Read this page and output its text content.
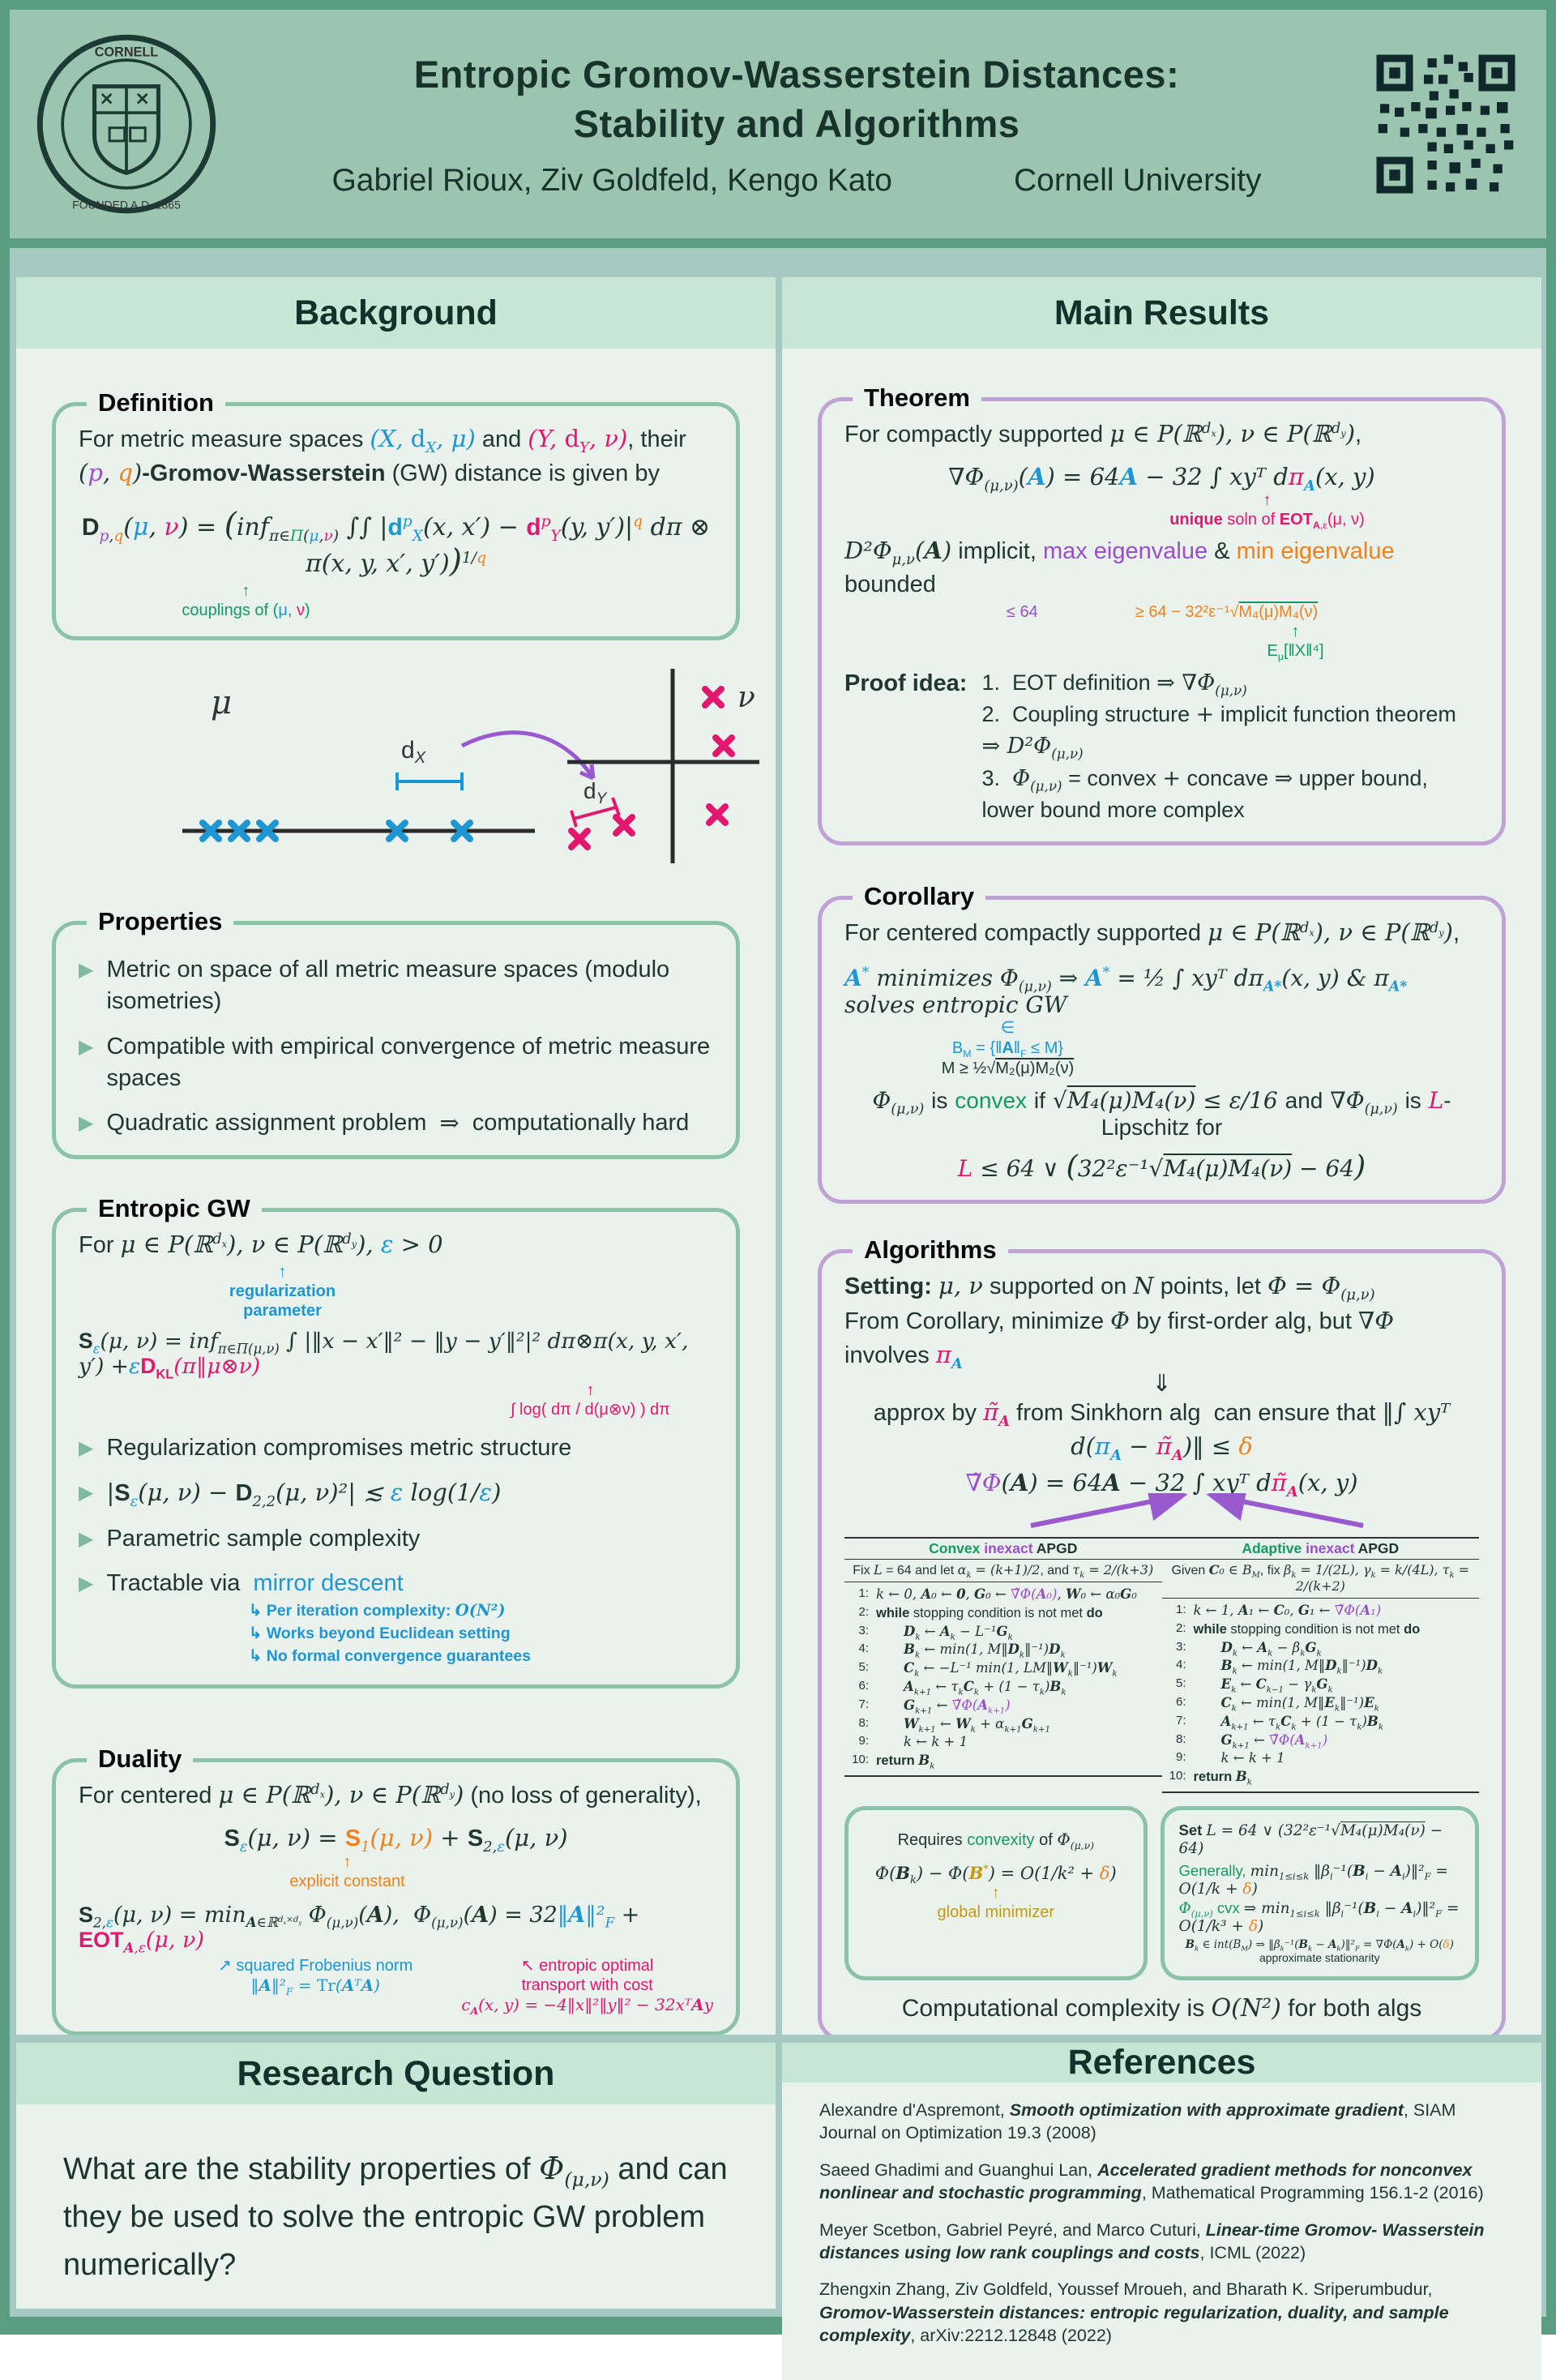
CORNELL
FOUNDED A.D. 1865
Entropic Gromov-Wasserstein Distances:
Stability and Algorithms
Gabriel Rioux, Ziv Goldfeld, Kengo Kato	Cornell University
Background
Definition
For metric measure spaces (X, $d_X$, μ) and (Y, $d_Y$, ν), their (p, q)-Gromov-Wasserstein (GW) distance is given by
$D_{p,q}(\mu$, ν) = (inf$_{\pi\in\Pi(\mu,\nu)}$ ∫∫ $|d^p_X(x$, $x') - d^p_Y(y$, $y')|^q$ dπ ⊗ π(x, y, x′, y′))$^{1/q}$
↑
couplings of (μ, ν)
μ
$d_X$
$d_Y$
ν
Properties
▶ Metric on space of all metric measure spaces (modulo isometries)
▶ Compatible with empirical convergence of metric measure spaces
▶ Quadratic assignment problem ⇒ computationally hard
Entropic GW
For μ ∈ P(ℝ$^{d_x}$), ν ∈ P(ℝ$^{d_y}$), ε > 0
↑
regularization
parameter
$S_\varepsilon(\mu$, ν) = inf$_{\pi\in\Pi(\mu,\nu)}$ ∫ |‖x − x′‖² − ‖y − y′‖²|² dπ⊗π(x, y, x′, $y') +\varepsilon D_{KL}(\pi‖\mu\otimes\nu)$
↑
∫ log( dπ / d(μ⊗ν) ) dπ
▶ Regularization compromises metric structure
▶ $|S_\varepsilon(\mu$, $\nu) - D_{2,2}(\mu$, ν)²| ≲ ε log(1/ε)
▶ Parametric sample complexity
▶ Tractable via mirror descent
↳ Per iteration complexity: O(N²)
↳ Works beyond Euclidean setting
↳ No formal convergence guarantees
Duality
For centered μ ∈ P(ℝ$^{d_x}$), ν ∈ P(ℝ$^{d_y}$) (no loss of generality),
$S_\varepsilon(\mu$, $\nu) = S_1(\mu$, $\nu) + S_{2,\varepsilon}(\mu$, ν)
↑
explicit constant
$S_{2,\varepsilon}(\mu$, $\nu) = \min_{A\in ℝ^{d_x\times d_y}} \Phi_{(\mu,\nu)}(A)$,  $\Phi_{(\mu,\nu)}(A)$ = $32‖A‖^2_F + EOT_{A,\varepsilon}(\mu$, ν)
↗ squared Frobenius norm
$‖A‖^2_F$ = Tr(AᵀA)
↖ entropic optimal
transport with cost
$c_A(x$, y) = −4‖x‖²‖y‖² − 32xᵀAy

Main Results
Theorem
For compactly supported μ ∈ P(ℝ$^{d_x}$), ν ∈ P(ℝ$^{d_y}$),
$\nabla\Phi_{(\mu,\nu)}(A) = 64A - 32$ ∫ xyᵀ $d\pi_A(x$, y)
↑
unique soln of $EOT_{A,\varepsilon}(\mu$, ν)
$D^2\Phi_{\mu,\nu}(A)$ implicit, max eigenvalue & min eigenvalue bounded
≤ 64	≥ 64 − 32²ε⁻¹√M₄(μ)M₄(ν)
↑
$E_\mu[‖X‖^4]$
Proof idea: 1.  EOT definition ⇒ $\nabla\Phi_{(\mu,\nu)}$
2.  Coupling structure + implicit function theorem ⇒ $D^2\Phi_{(\mu,\nu)}$
3.  $\Phi_{(\mu,\nu)}$ = convex + concave ⇒ upper bound, lower bound more complex
Corollary
For centered compactly supported μ ∈ P(ℝ$^{d_x}$), ν ∈ P(ℝ$^{d_y}$),
A* minimizes $\Phi_{(\mu,\nu)}$ ⇒ A* = ½ ∫ xyᵀ $d\pi_{A*}(x$, y) & $\pi_{A*}$ solves entropic GW
∈
$B_M$ = $\{‖A‖_F \le M\}$
M ≥ ½√M₂(μ)M₂(ν)
$\Phi_{(\mu,\nu)}$ is convex if √M₄(μ)M₄(ν) ≤ ε/16 and $\nabla\Phi_{(\mu,\nu)}$ is L-Lipschitz for
L ≤ 64 ∨ (32²ε⁻¹√M₄(μ)M₄(ν) − 64)
Algorithms
Setting: μ, ν supported on N points, let $\Phi = \Phi_{(\mu,\nu)}$
From Corollary, minimize Φ by first-order alg, but ∇Φ involves $\pi_A$
⇓
approx by $\pĩ_A$ from Sinkhorn alg  can ensure that ‖∫ xyᵀ $d(\pi_A$ − $\pĩ_A)‖ \le \delta$
∇̃Φ(A) = 64A − 32 ∫ xyᵀ $d\pĩ_A(x$, y)
Convex inexact APGD
Fix L = 64 and let $\alpha_k = (k+1)/2$, and $\tau_k = 2/(k+3)$
1: k ← 0, A₀ ← 0, G₀ ← ∇̃Φ(A₀), W₀ ← α₀G₀
2: while stopping condition is not met do
3:	$D_k$ ← $A_k - L^{-1}G_k$
4:	$B_k$ ← min(1, $M‖D_k‖^{-1})D_k$
5:	$C_k$ ← −L⁻¹ min(1, $LM‖W_k‖^{-1})W_k$
6:	$A_{k+1}$ ← $\tau_kC_k + (1 - \tau_k)B_k$
7:	$G_{k+1}$ ← $\nablã\Phi(A_{k+1})$
8:	$W_{k+1}$ ← $W_k + \alpha_{k+1}G_{k+1}$
9:	k ← k + 1
10: return $B_k$
Adaptive inexact APGD
Given C₀ ∈ $B_M$, fix $\beta_k = 1/(2L)$, $\gamma_k = k/(4L)$, $\tau_k = 2/(k+2)$
1: k ← 1, A₁ ← C₀, G₁ ← ∇̃Φ(A₁)
2: while stopping condition is not met do
3:	$D_k$ ← $A_k - \beta_kG_k$
4:	$B_k$ ← min(1, $M‖D_k‖^{-1})D_k$
5:	$E_k$ ← $C_{k-1} - \gamma_kG_k$
6:	$C_k$ ← min(1, $M‖E_k‖^{-1})E_k$
7:	$A_{k+1}$ ← $\tau_kC_k + (1 - \tau_k)B_k$
8:	$G_{k+1}$ ← $\nablã\Phi(A_{k+1})$
9:	k ← k + 1
10: return $B_k$
Requires convexity of $\Phi_{(\mu,\nu)}$
$\Phi(B_k) - \Phi(B^*) = O(1/k^2 + \delta)$
↑
global minimizer
Set L = 64 ∨ (32²ε⁻¹√M₄(μ)M₄(ν) − 64)
Generally, $\min_{1\le i\le k}$ $‖\beta_i^{-1}(B_i$ − $A_i)‖^2_F = O(1/k + \delta)$
$\Phi_{(\mu,\nu)}$ cvx ⇒ $\min_{1\le i\le k}$ $‖\beta_i^{-1}(B_i$ − $A_i)‖^2_F = O(1/k^3 + \delta)$
$B_k$ ∈ $int(B_M)$ ⇒ $‖\beta_k^{-1}(B_k$ − $A_k)‖^2_F = \nabla\Phi(A_k) + O(\delta)$
approximate stationarity
Computational complexity is O(N²) for both algs

Research Question
What are the stability properties of $\Phi_{(\mu,\nu)}$ and can they be used to solve the entropic GW problem numerically?
References
Alexandre d'Aspremont, Smooth optimization with approximate gradient, SIAM Journal on Optimization 19.3 (2008)
Saeed Ghadimi and Guanghui Lan, Accelerated gradient methods for nonconvex nonlinear and stochastic programming, Mathematical Programming 156.1-2 (2016)
Meyer Scetbon, Gabriel Peyré, and Marco Cuturi, Linear-time Gromov- Wasserstein distances using low rank couplings and costs, ICML (2022)
Zhengxin Zhang, Ziv Goldfeld, Youssef Mroueh, and Bharath K. Sriperumbudur, Gromov-Wasserstein distances: entropic regularization, duality, and sample complexity, arXiv:2212.12848 (2022)
